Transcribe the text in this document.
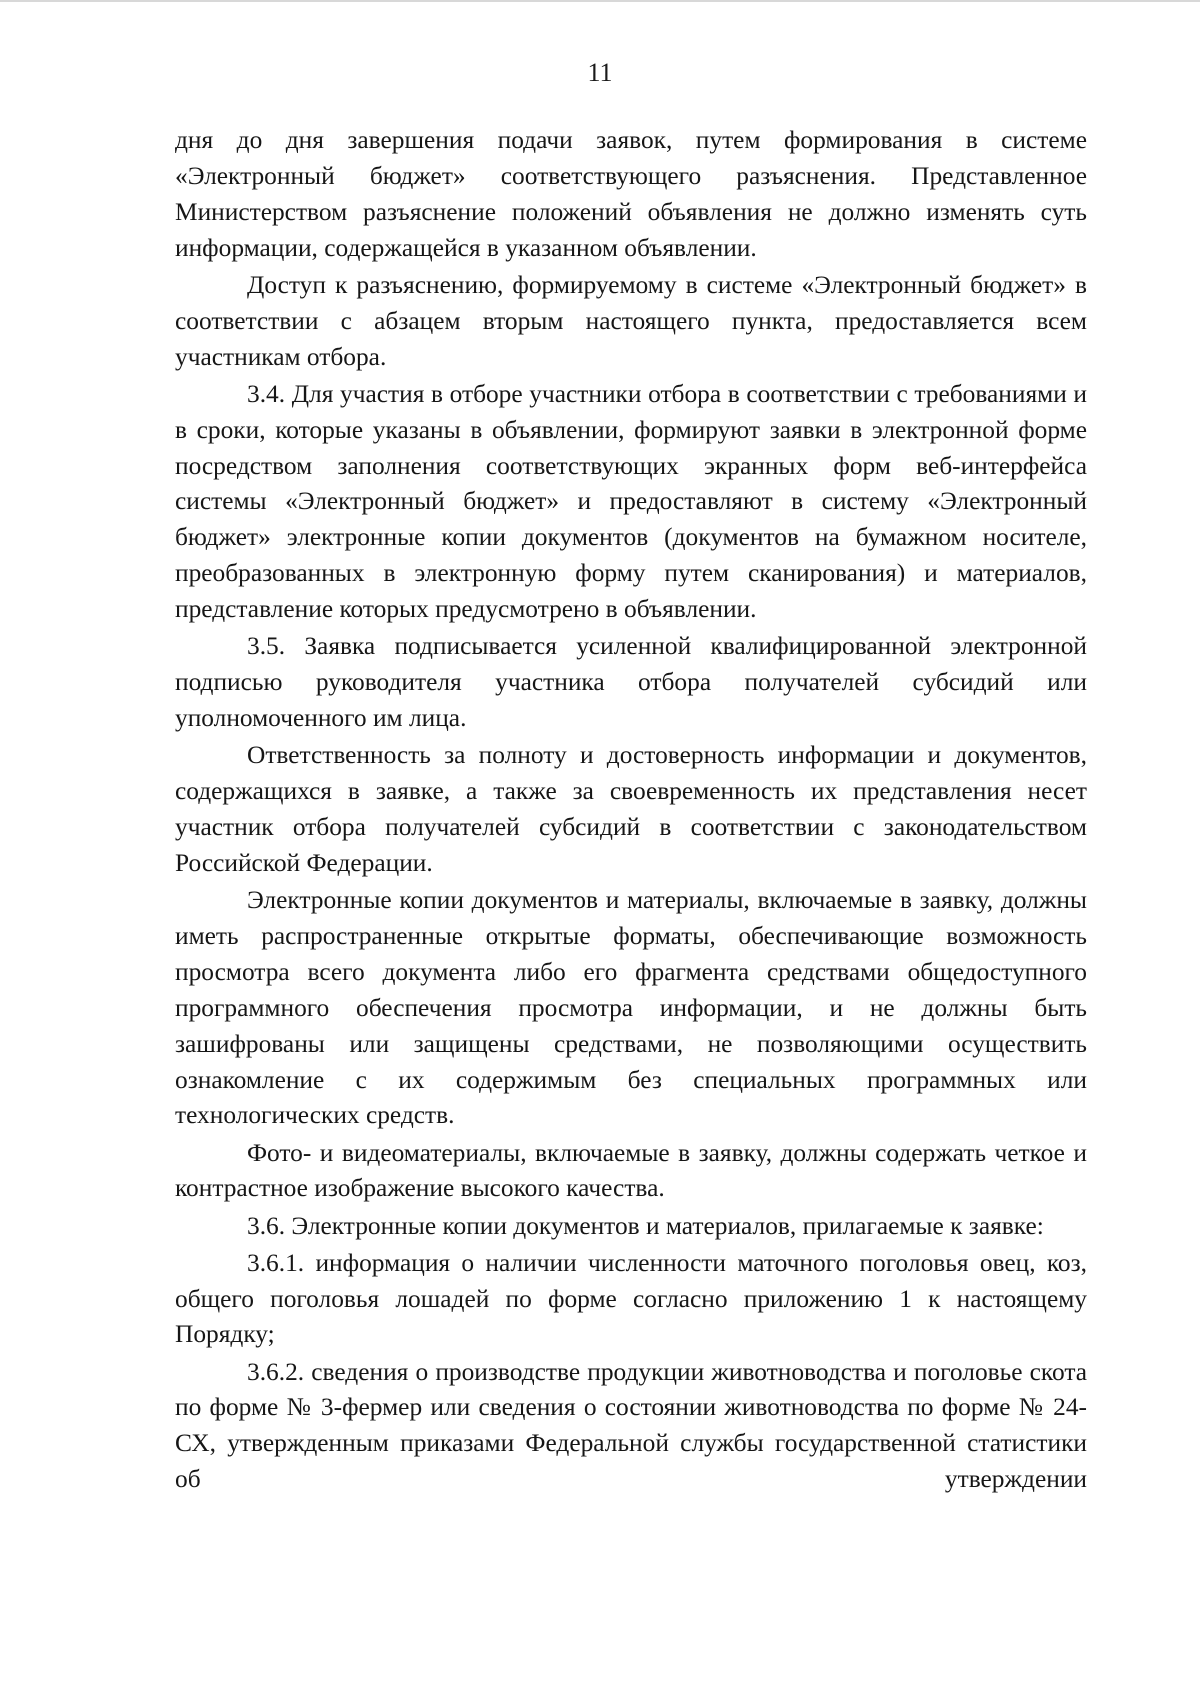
11

дня до дня завершения подачи заявок, путем формирования в системе «Электронный бюджет» соответствующего разъяснения. Представленное Министерством разъяснение положений объявления не должно изменять суть информации, содержащейся в указанном объявлении.

Доступ к разъяснению, формируемому в системе «Электронный бюджет» в соответствии с абзацем вторым настоящего пункта, предоставляется всем участникам отбора.

3.4. Для участия в отборе участники отбора в соответствии с требованиями и в сроки, которые указаны в объявлении, формируют заявки в электронной форме посредством заполнения соответствующих экранных форм веб-интерфейса системы «Электронный бюджет» и предоставляют в систему «Электронный бюджет» электронные копии документов (документов на бумажном носителе, преобразованных в электронную форму путем сканирования) и материалов, представление которых предусмотрено в объявлении.

3.5. Заявка подписывается усиленной квалифицированной электронной подписью руководителя участника отбора получателей субсидий или уполномоченного им лица.

Ответственность за полноту и достоверность информации и документов, содержащихся в заявке, а также за своевременность их представления несет участник отбора получателей субсидий в соответствии с законодательством Российской Федерации.

Электронные копии документов и материалы, включаемые в заявку, должны иметь распространенные открытые форматы, обеспечивающие возможность просмотра всего документа либо его фрагмента средствами общедоступного программного обеспечения просмотра информации, и не должны быть зашифрованы или защищены средствами, не позволяющими осуществить ознакомление с их содержимым без специальных программных или технологических средств.

Фото- и видеоматериалы, включаемые в заявку, должны содержать четкое и контрастное изображение высокого качества.

3.6. Электронные копии документов и материалов, прилагаемые к заявке:

3.6.1. информация о наличии численности маточного поголовья овец, коз, общего поголовья лошадей по форме согласно приложению 1 к настоящему Порядку;

3.6.2. сведения о производстве продукции животноводства и поголовье скота по форме № 3-фермер или сведения о состоянии животноводства по форме № 24-СХ, утвержденным приказами Федеральной службы государственной статистики об утверждении
